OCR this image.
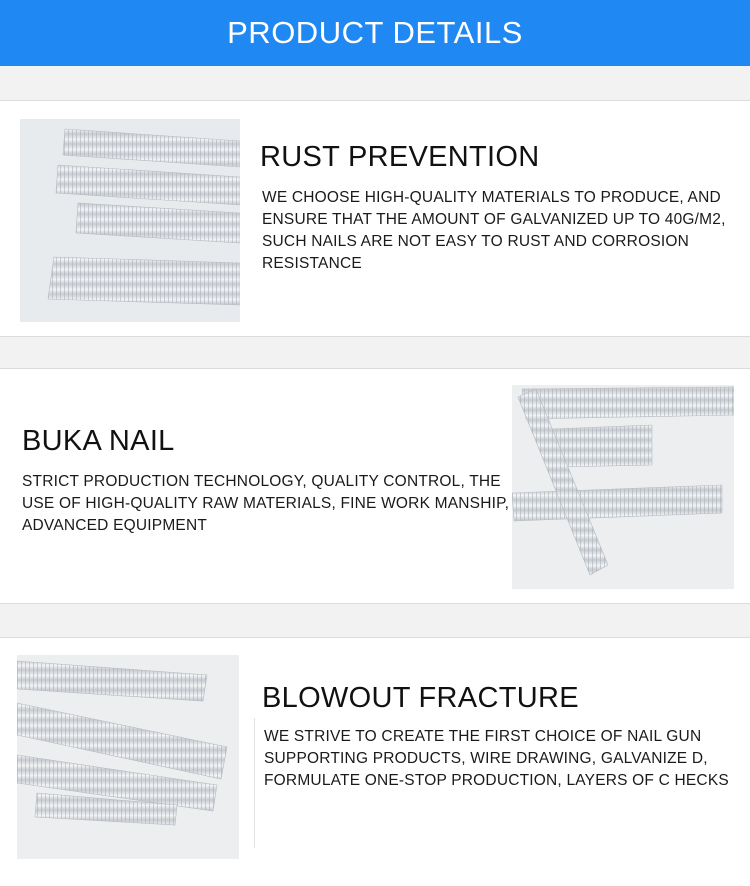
PRODUCT DETAILS
RUST PREVENTION

WE CHOOSE HIGH-QUALITY MATERIALS TO PRODUCE, AND ENSURE THAT THE AMOUNT OF GALVANIZED UP TO 40G/M2, SUCH NAILS ARE NOT EASY TO RUST AND CORROSION RESISTANCE

BUKA NAIL

STRICT PRODUCTION TECHNOLOGY, QUALITY CONTROL, THE USE OF HIGH-QUALITY RAW MATERIALS, FINE WORK MANSHIP, ADVANCED EQUIPMENT

BLOWOUT FRACTURE

WE STRIVE TO CREATE THE FIRST CHOICE OF NAIL GUN SUPPORTING PRODUCTS, WIRE DRAWING, GALVANIZE D, FORMULATE ONE-STOP PRODUCTION, LAYERS OF C HECKS
